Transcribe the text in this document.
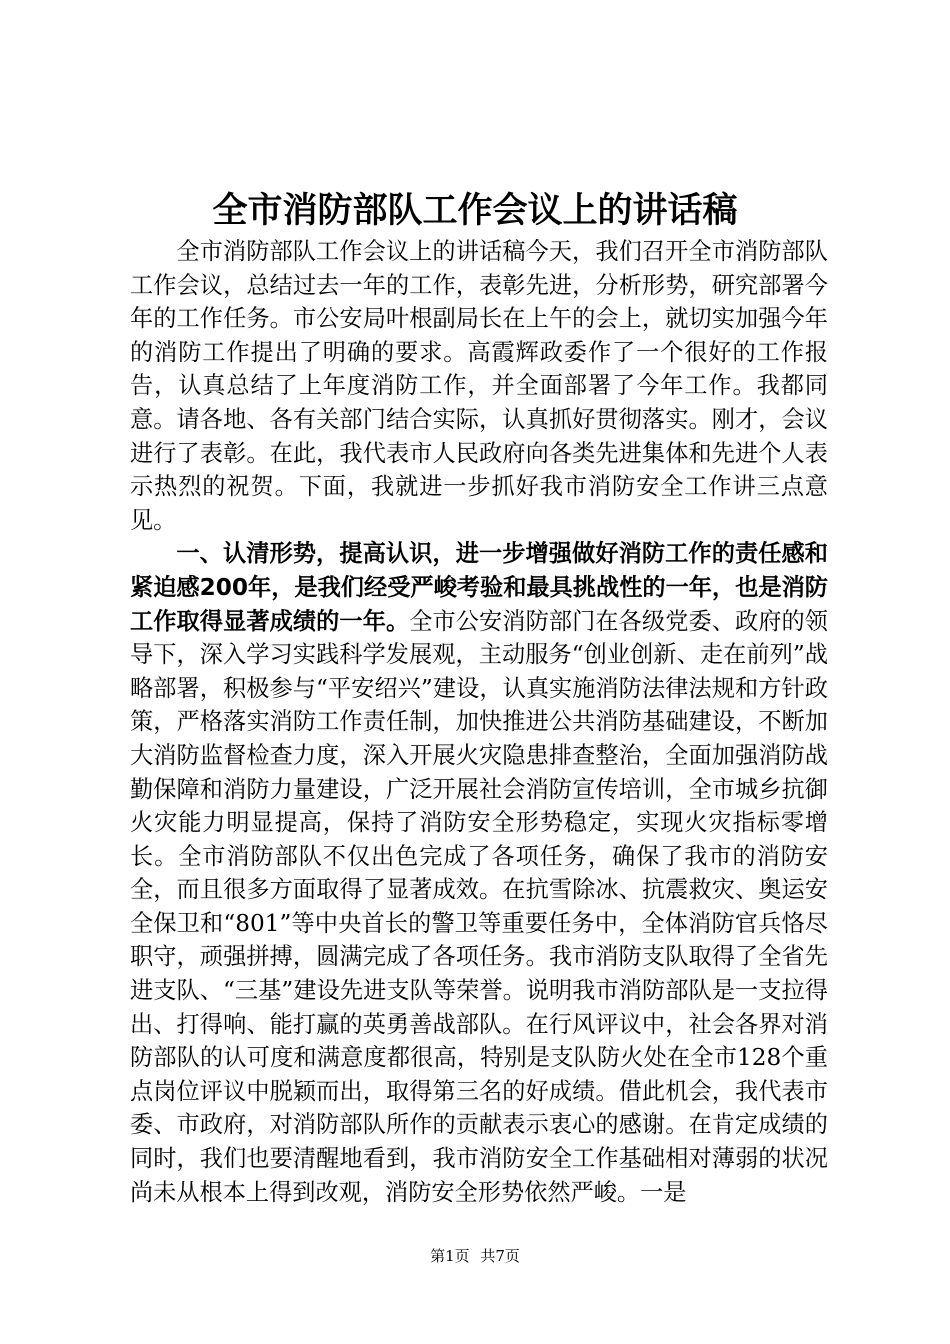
全市消防部队工作会议上的讲话稿

全市消防部队工作会议上的讲话稿今天，我们召开全市消防部队工作会议，总结过去一年的工作，表彰先进，分析形势，研究部署今年的工作任务。市公安局叶根副局长在上午的会上，就切实加强今年的消防工作提出了明确的要求。高霞辉政委作了一个很好的工作报告，认真总结了上年度消防工作，并全面部署了今年工作。我都同意。请各地、各有关部门结合实际，认真抓好贯彻落实。刚才，会议进行了表彰。在此，我代表市人民政府向各类先进集体和先进个人表示热烈的祝贺。下面，我就进一步抓好我市消防安全工作讲三点意见。

一、认清形势，提高认识，进一步增强做好消防工作的责任感和紧迫感200年，是我们经受严峻考验和最具挑战性的一年，也是消防工作取得显著成绩的一年。全市公安消防部门在各级党委、政府的领导下，深入学习实践科学发展观，主动服务“创业创新、走在前列”战略部署，积极参与“平安绍兴”建设，认真实施消防法律法规和方针政策，严格落实消防工作责任制，加快推进公共消防基础建设，不断加大消防监督检查力度，深入开展火灾隐患排查整治，全面加强消防战勤保障和消防力量建设，广泛开展社会消防宣传培训，全市城乡抗御火灾能力明显提高，保持了消防安全形势稳定，实现火灾指标零增长。全市消防部队不仅出色完成了各项任务，确保了我市的消防安全，而且很多方面取得了显著成效。在抗雪除冰、抗震救灾、奥运安全保卫和“801”等中央首长的警卫等重要任务中，全体消防官兵恪尽职守，顽强拼搏，圆满完成了各项任务。我市消防支队取得了全省先进支队、“三基”建设先进支队等荣誉。说明我市消防部队是一支拉得出、打得响、能打赢的英勇善战部队。在行风评议中，社会各界对消防部队的认可度和满意度都很高，特别是支队防火处在全市128个重点岗位评议中脱颖而出，取得第三名的好成绩。借此机会，我代表市委、市政府，对消防部队所作的贡献表示衷心的感谢。在肯定成绩的同时，我们也要清醒地看到，我市消防安全工作基础相对薄弱的状况尚未从根本上得到改观，消防安全形势依然严峻。一是

第1页 共7页
